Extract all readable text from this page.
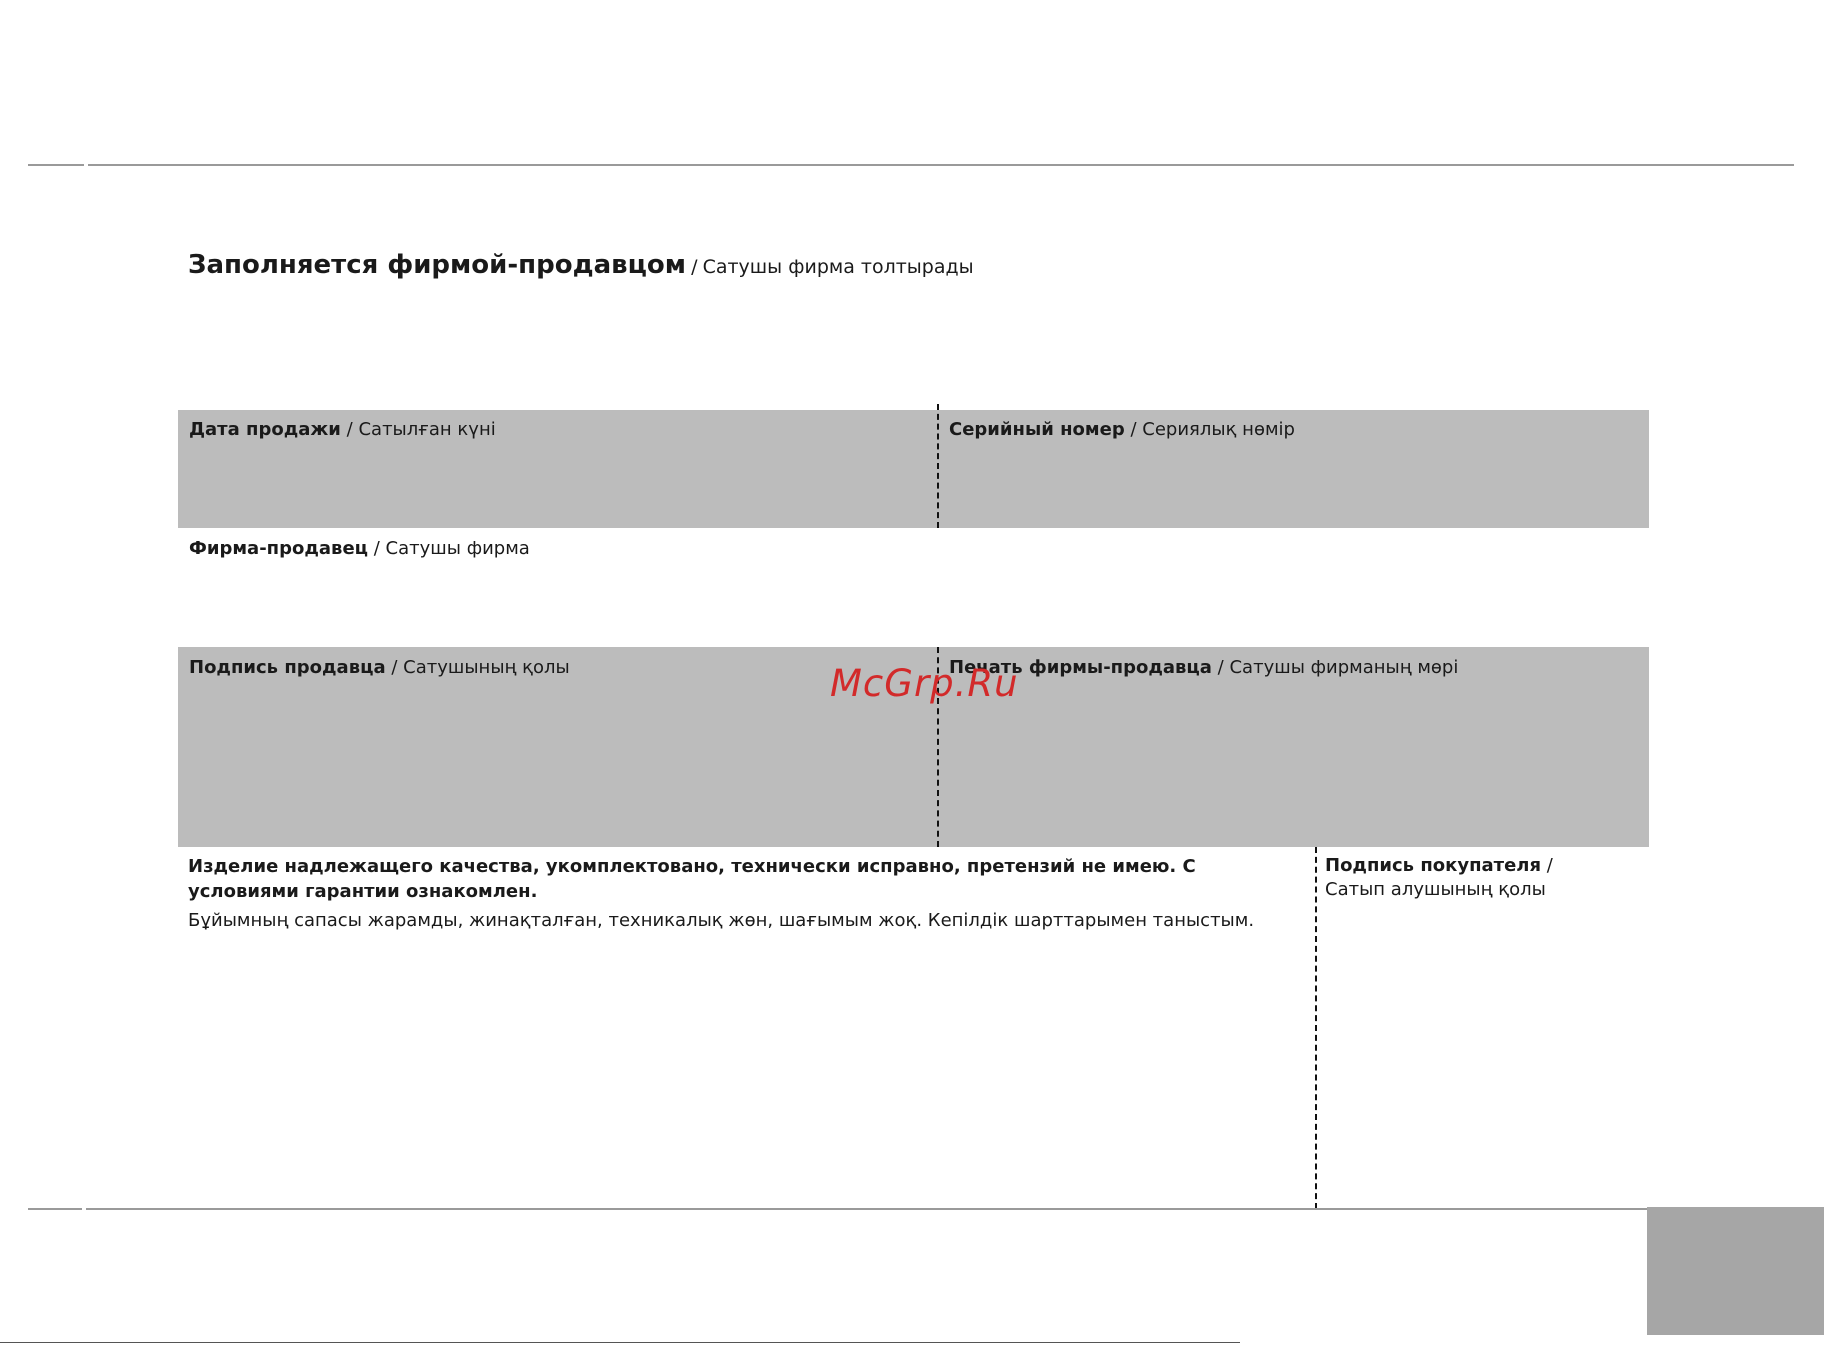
Заполняется фирмой-продавцом / Сатушы фирма толтырады
Дата продажи / Сатылған күні	Серийный номер / Сериялық нөмір
Фирма-продавец / Сатушы фирма
Подпись продавца / Сатушының қолы	Печать фирмы-продавца / Сатушы фирманың мөрі
McGrp.Ru
Изделие надлежащего качества, укомплектовано, технически исправно, претензий не имею. С условиями гарантии ознакомлен.
Бұйымның сапасы жарамды, жинақталған, техникалық жөн, шағымым жоқ. Кепілдік шарттарымен таныстым.
Подпись покупателя / Сатып алушының қолы
